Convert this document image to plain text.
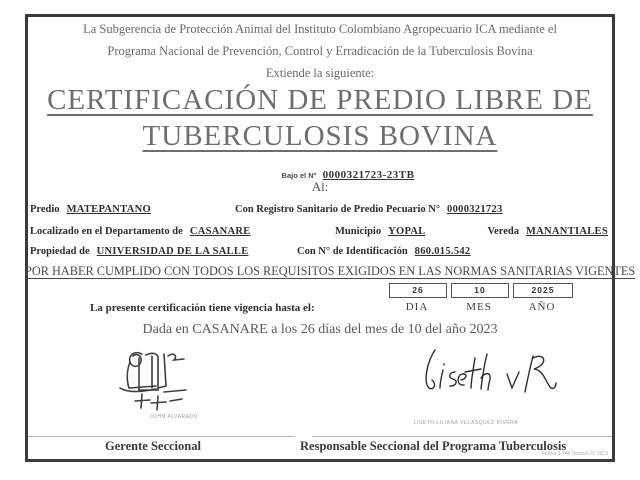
La Subgerencia de Protección Animal del Instituto Colombiano Agropecuario ICA mediante el
Programa Nacional de Prevención, Control y Erradicación de la Tuberculosis Bovina
Extiende la siguiente:
CERTIFICACIÓN DE PREDIO LIBRE DE
TUBERCULOSIS BOVINA
Bajo el N° 0000321723-23TB
Al:
Predio MATEPANTANO	Con Registro Sanitario de Predio Pecuario N° 0000321723
Localizado en el Departamento de CASANARE	Municipio YOPAL	Vereda MANANTIALES
Propiedad de UNIVERSIDAD DE LA SALLE	Con N° de Identificación 860.015.542
POR HABER CUMPLIDO CON TODOS LOS REQUISITOS EXIGIDOS EN LAS NORMAS SANITARIAS VIGENTES
La presente certificación tiene vigencia hasta el:
26	10	2025
DIA	MES	AÑO
Dada en CASANARE a los 26 días del mes de 10 del año 2023
JOHN ALVARADO
LISETH LILIANA VELASQUEZ RIVERA
Gerente Seccional	Responsable Seccional del Programa Tuberculosis
Forma 3-744 Version 01 2013
